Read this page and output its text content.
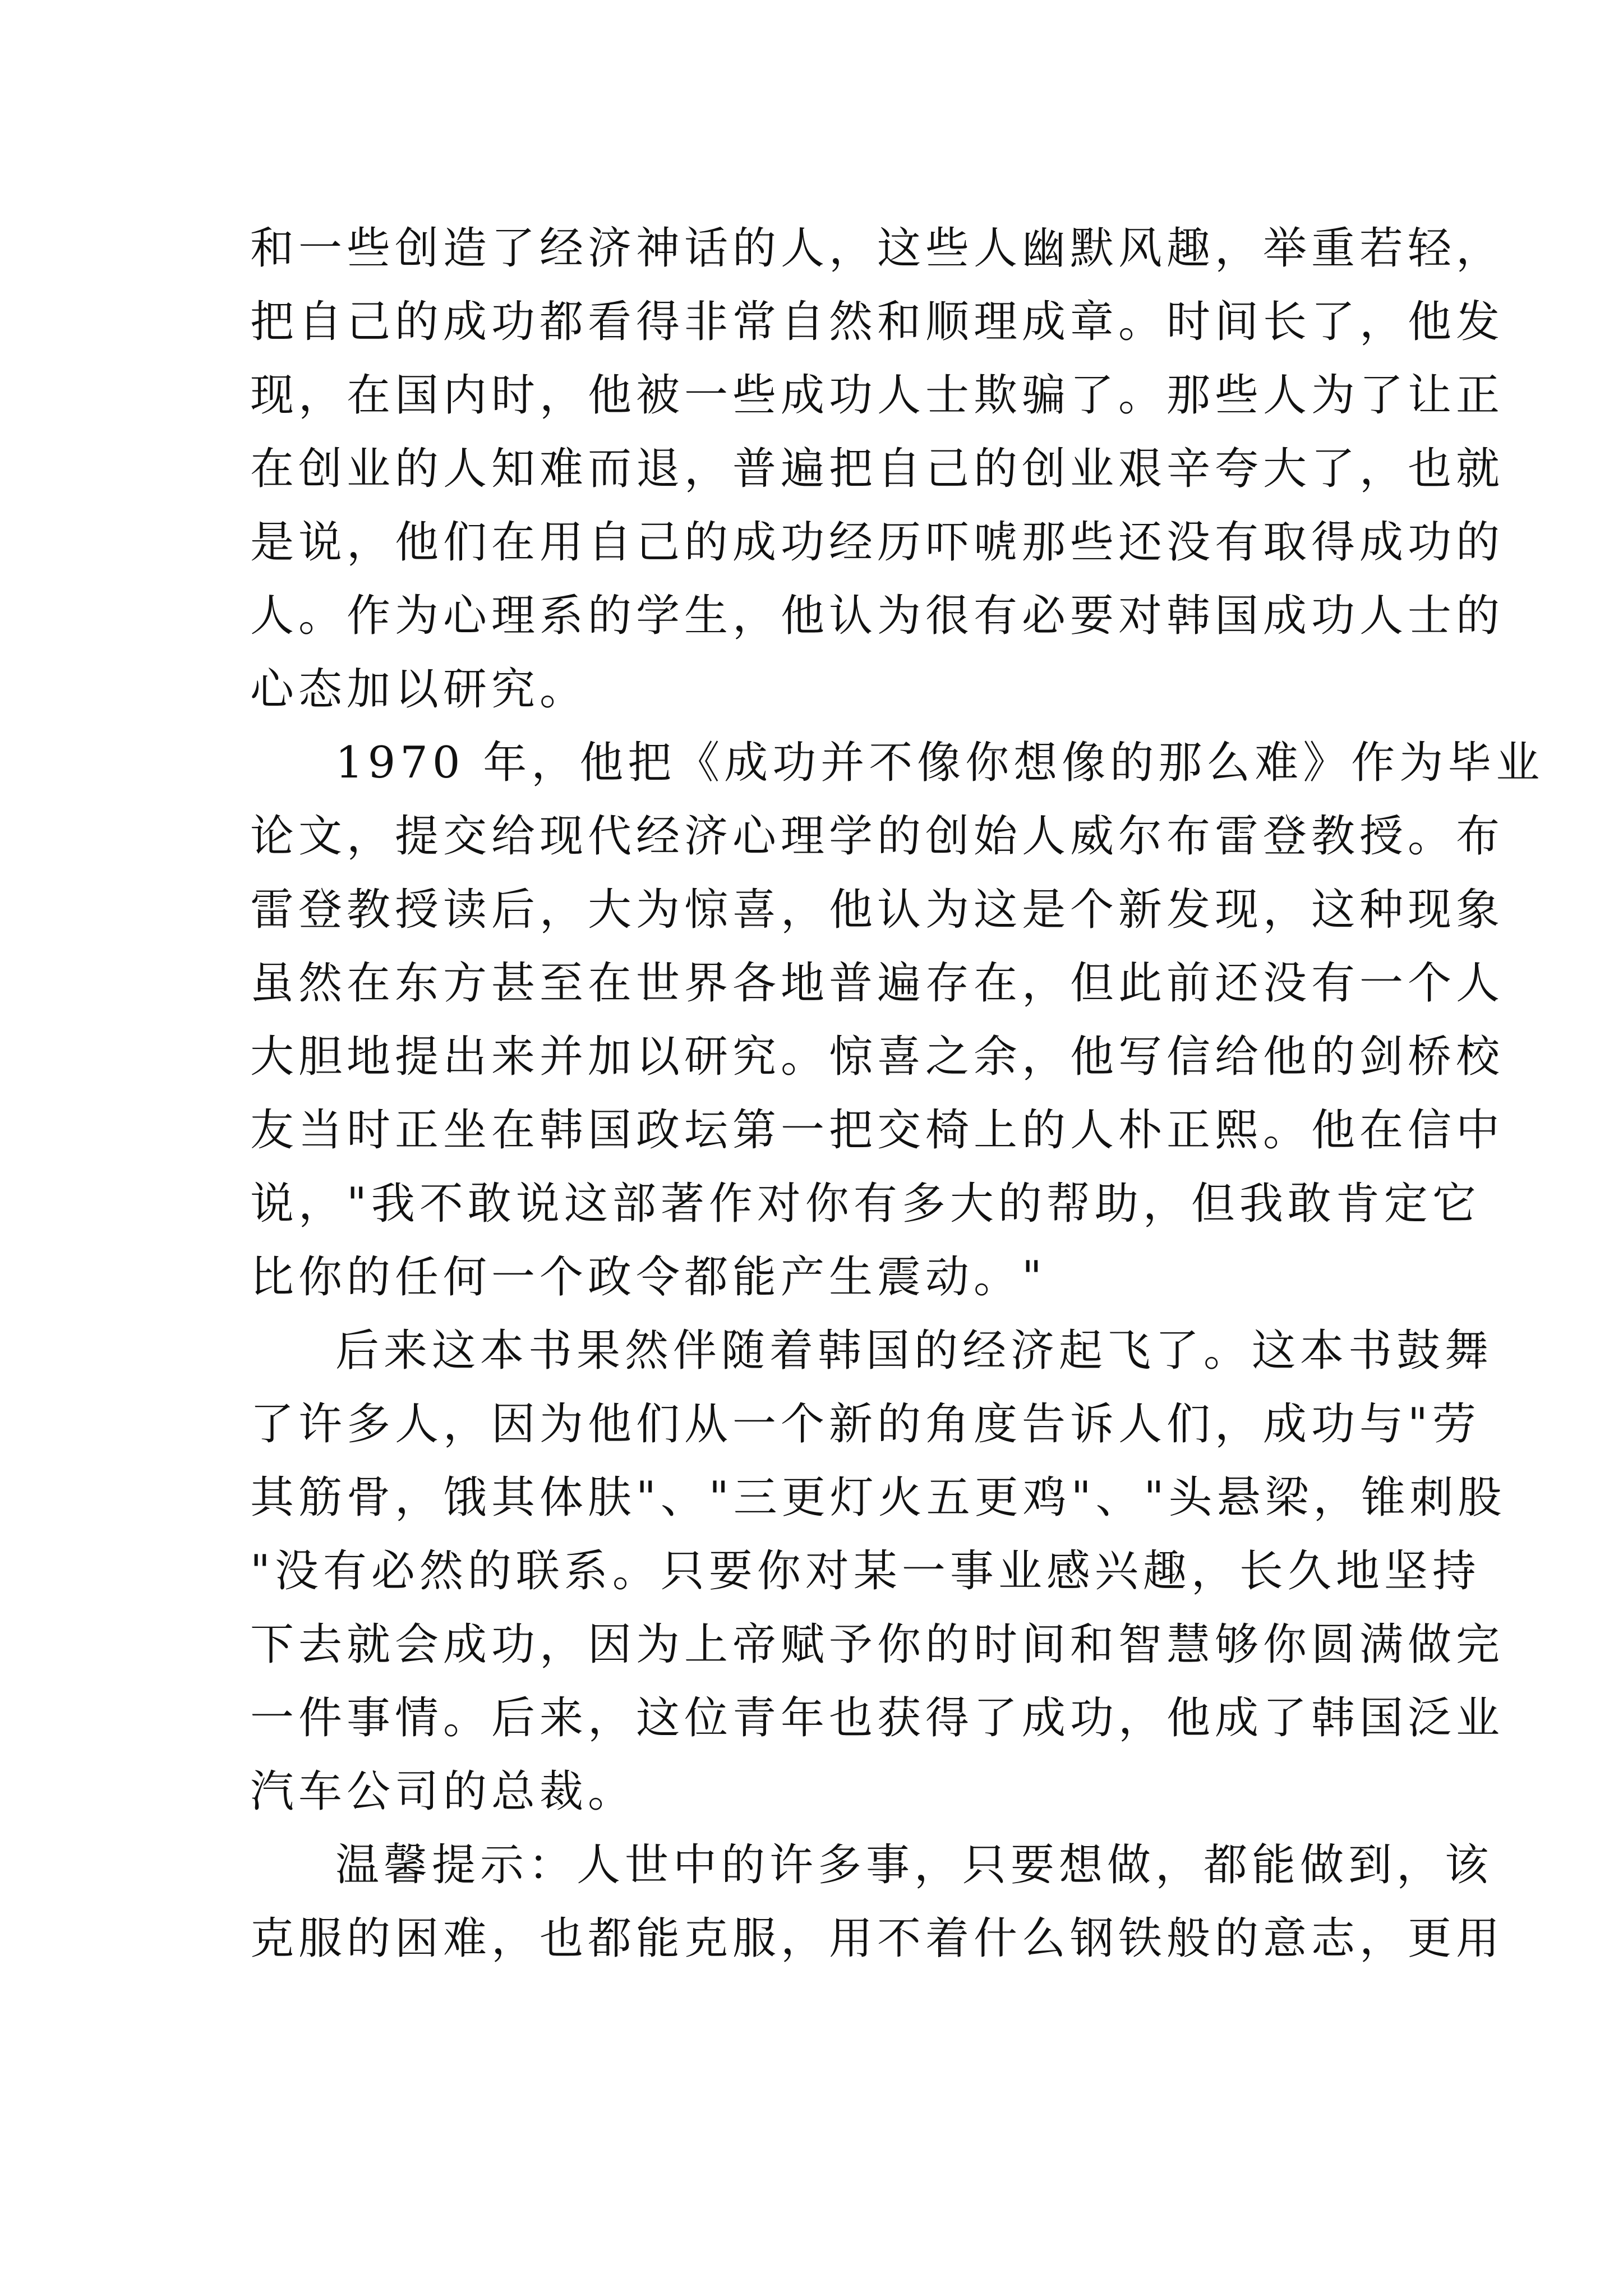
和一些创造了经济神话的人，这些人幽默风趣，举重若轻，
把自己的成功都看得非常自然和顺理成章。时间长了，他发
现，在国内时，他被一些成功人士欺骗了。那些人为了让正
在创业的人知难而退，普遍把自己的创业艰辛夸大了，也就
是说，他们在用自己的成功经历吓唬那些还没有取得成功的
人。作为心理系的学生，他认为很有必要对韩国成功人士的
心态加以研究。
1970 年，他把《成功并不像你想像的那么难》作为毕业
论文，提交给现代经济心理学的创始人威尔布雷登教授。布
雷登教授读后，大为惊喜，他认为这是个新发现，这种现象
虽然在东方甚至在世界各地普遍存在，但此前还没有一个人
大胆地提出来并加以研究。惊喜之余，他写信给他的剑桥校
友当时正坐在韩国政坛第一把交椅上的人朴正熙。他在信中
说，"我不敢说这部著作对你有多大的帮助，但我敢肯定它
比你的任何一个政令都能产生震动。"
后来这本书果然伴随着韩国的经济起飞了。这本书鼓舞
了许多人，因为他们从一个新的角度告诉人们，成功与"劳
其筋骨，饿其体肤"、"三更灯火五更鸡"、"头悬梁，锥刺股
"没有必然的联系。只要你对某一事业感兴趣，长久地坚持
下去就会成功，因为上帝赋予你的时间和智慧够你圆满做完
一件事情。后来，这位青年也获得了成功，他成了韩国泛业
汽车公司的总裁。
温馨提示：人世中的许多事，只要想做，都能做到，该
克服的困难，也都能克服，用不着什么钢铁般的意志，更用
